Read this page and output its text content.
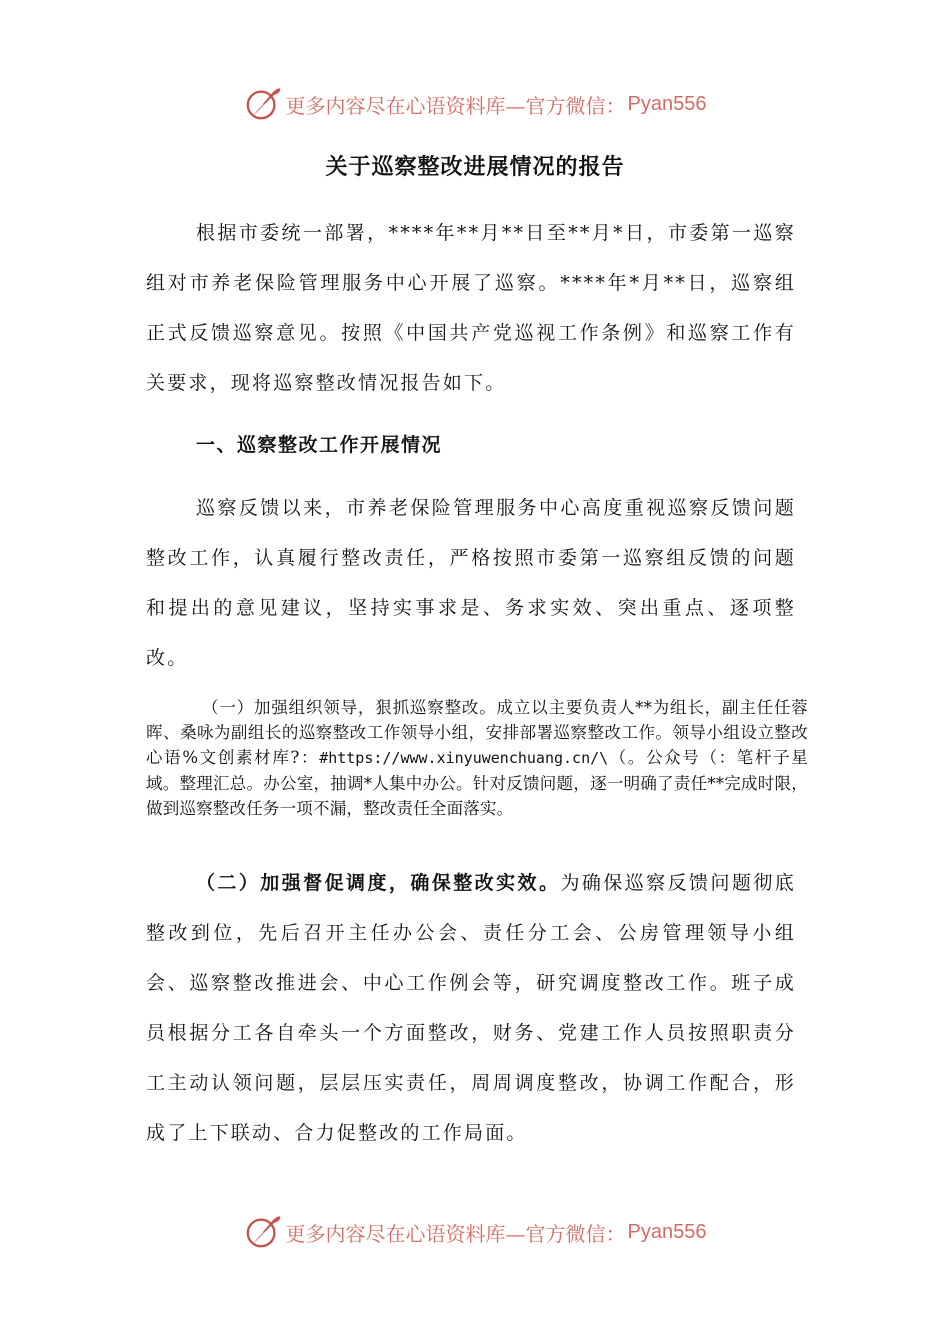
更多内容尽在心语资料库—官方微信： Pyan556
关于巡察整改进展情况的报告

根据市委统一部署，****年**月**日至**月*日，市委第一巡察组对市养老保险管理服务中心开展了巡察。****年*月**日，巡察组正式反馈巡察意见。按照《中国共产党巡视工作条例》和巡察工作有关要求，现将巡察整改情况报告如下。

一、巡察整改工作开展情况

巡察反馈以来，市养老保险管理服务中心高度重视巡察反馈问题整改工作，认真履行整改责任，严格按照市委第一巡察组反馈的问题和提出的意见建议，坚持实事求是、务求实效、突出重点、逐项整改。

（一）加强组织领导，狠抓巡察整改。成立以主要负责人**为组长，副主任任蓉晖、桑咏为副组长的巡察整改工作领导小组，安排部署巡察整改工作。领导小组设立整改心语%文创素材库?：#https://www.xinyuwenchuang.cn/\（。公众号（：笔杆子星域。整理汇总。办公室，抽调*人集中办公。针对反馈问题，逐一明确了责任**完成时限，做到巡察整改任务一项不漏，整改责任全面落实。

（二）加强督促调度，确保整改实效。为确保巡察反馈问题彻底整改到位，先后召开主任办公会、责任分工会、公房管理领导小组会、巡察整改推进会、中心工作例会等，研究调度整改工作。班子成员根据分工各自牵头一个方面整改，财务、党建工作人员按照职责分工主动认领问题，层层压实责任，周周调度整改，协调工作配合，形成了上下联动、合力促整改的工作局面。

更多内容尽在心语资料库—官方微信： Pyan556
